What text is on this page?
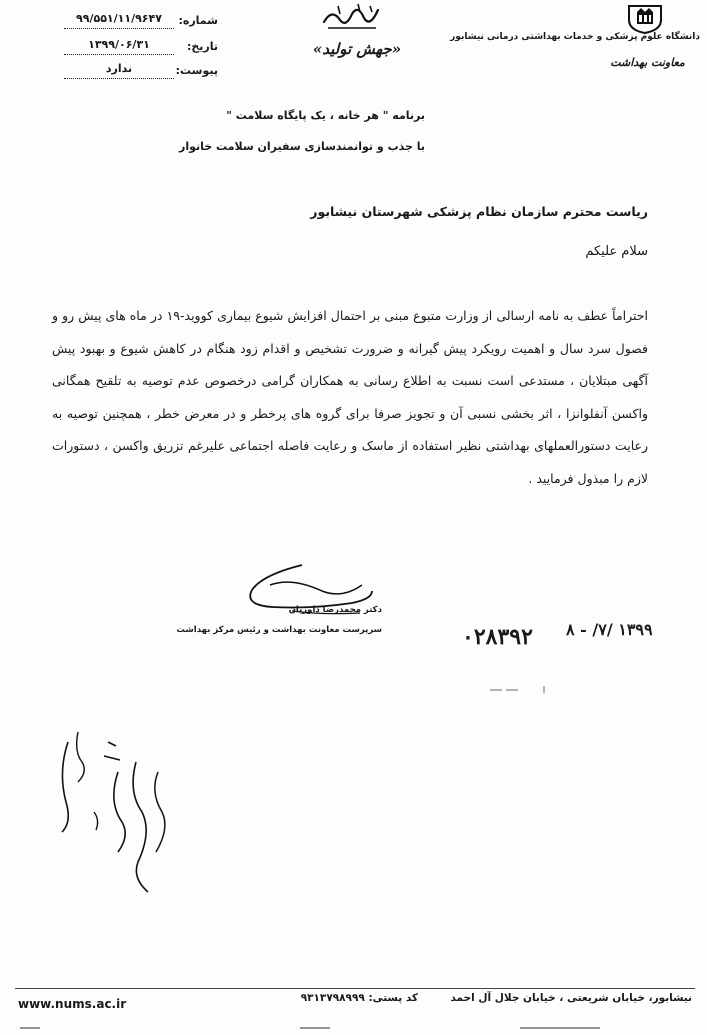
دانشگاه علوم پزشکی و خدمات بهداشتی درمانی نیشابور
معاونت بهداشت
«جهش تولید»
شماره:
۹۹/۵۵۱/۱۱/۹۶۴۷
تاریخ:
۱۳۹۹/۰۶/۳۱
پیوست:
ندارد
برنامه " هر خانه ، یک پایگاه سلامت "
با جذب و توانمندسازی سفیران سلامت خانوار
ریاست محترم سازمان نظام پزشکی شهرستان نیشابور
سلام علیکم

احتراماً عطف به نامه ارسالی از وزارت متبوع مبنی بر احتمال افزایش شیوع بیماری کووید-۱۹ در ماه های پیش رو و فصول سرد سال و اهمیت رویکرد پیش گیرانه و ضرورت تشخیص و اقدام زود هنگام در کاهش شیوع و بهبود پیش آگهی مبتلایان ، مستدعی است نسبت به اطلاع رسانی به همکاران گرامی درخصوص عدم توصیه به تلقیح همگانی واکسن آنفلوانزا ، اثر بخشی نسبی آن و تجویز صرفا برای گروه های پرخطر و در معرض خطر ، همچنین توصیه به رعایت دستورالعملهای بهداشتی نظیر استفاده از ماسک و رعایت فاصله اجتماعی علیرغم تزریق واکسن ، دستورات لازم را مبذول فرمایید .

دکتر محمدرضا داوریان
سرپرست معاونت بهداشت و رئیس مرکز بهداشت	۱۳۹۹ /۷/ - ۸
۰۲۸۳۹۲
نیشابور، خیابان شریعتی ، خیابان جلال آل احمد
کد پستی: ۹۳۱۳۷۹۸۹۹۹
www.nums.ac.ir
